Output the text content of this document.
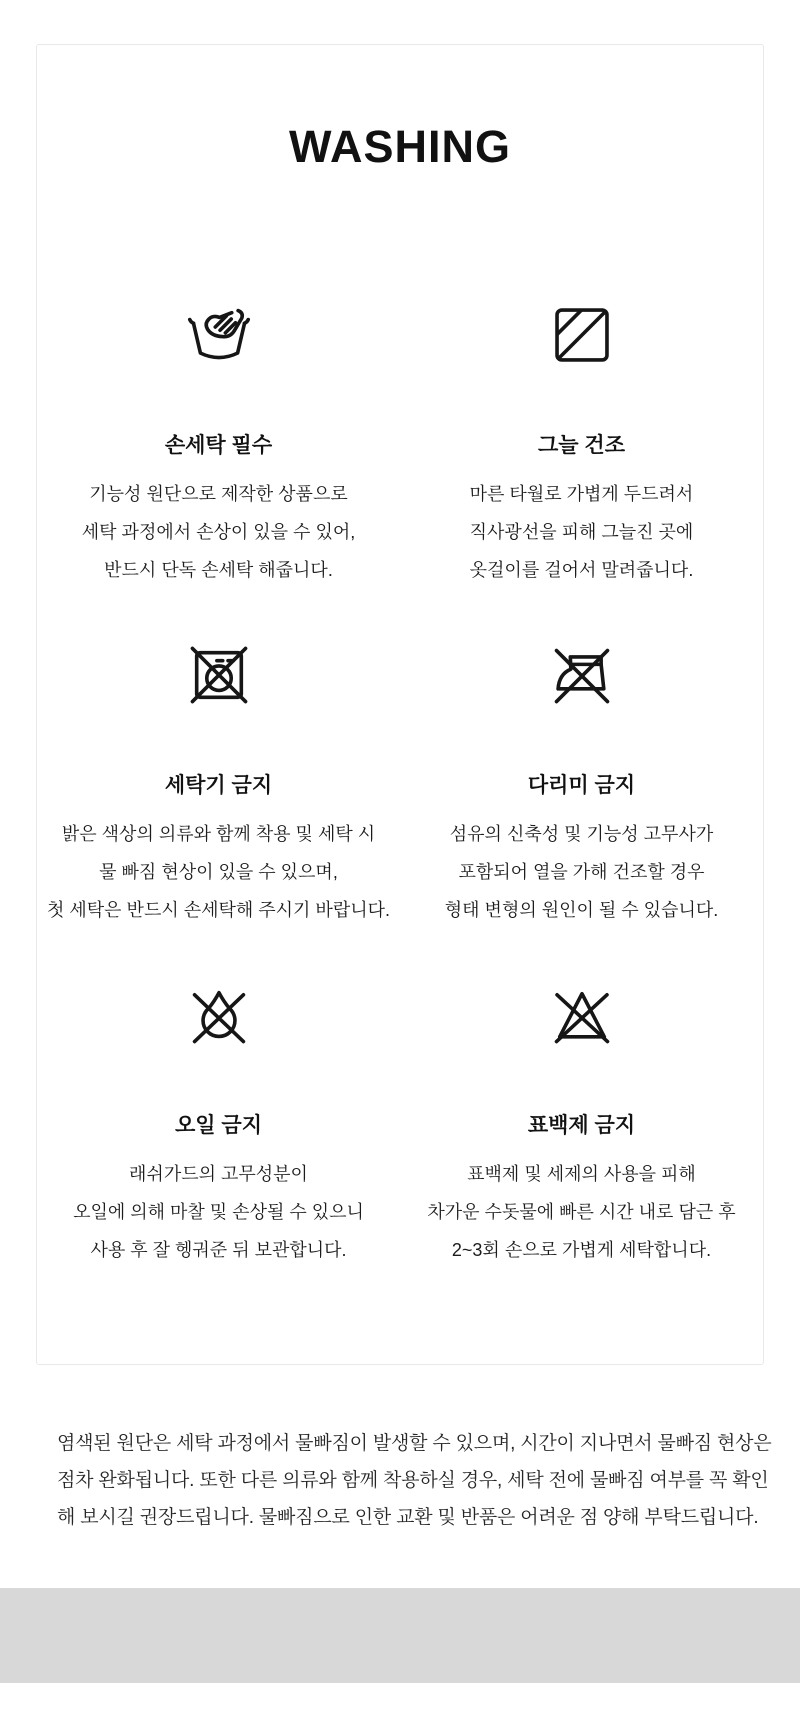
WASHING
손세탁 필수

기능성 원단으로 제작한 상품으로

세탁 과정에서 손상이 있을 수 있어,

반드시 단독 손세탁 해줍니다.

그늘 건조

마른 타월로 가볍게 두드려서

직사광선을 피해 그늘진 곳에

옷걸이를 걸어서 말려줍니다.

세탁기 금지

밝은 색상의 의류와 함께 착용 및 세탁 시

물 빠짐 현상이 있을 수 있으며,

첫 세탁은 반드시 손세탁해 주시기 바랍니다.

다리미 금지

섬유의 신축성 및 기능성 고무사가

포함되어 열을 가해 건조할 경우

형태 변형의 원인이 될 수 있습니다.

오일 금지

래쉬가드의 고무성분이

오일에 의해 마찰 및 손상될 수 있으니

사용 후 잘 헹궈준 뒤 보관합니다.

표백제 금지

표백제 및 세제의 사용을 피해

차가운 수돗물에 빠른 시간 내로 담근 후

2~3회 손으로 가볍게 세탁합니다.

염색된 원단은 세탁 과정에서 물빠짐이 발생할 수 있으며, 시간이 지나면서 물빠짐 현상은

점차 완화됩니다. 또한 다른 의류와 함께 착용하실 경우, 세탁 전에 물빠짐 여부를 꼭 확인

해 보시길 권장드립니다. 물빠짐으로 인한 교환 및 반품은 어려운 점 양해 부탁드립니다.
